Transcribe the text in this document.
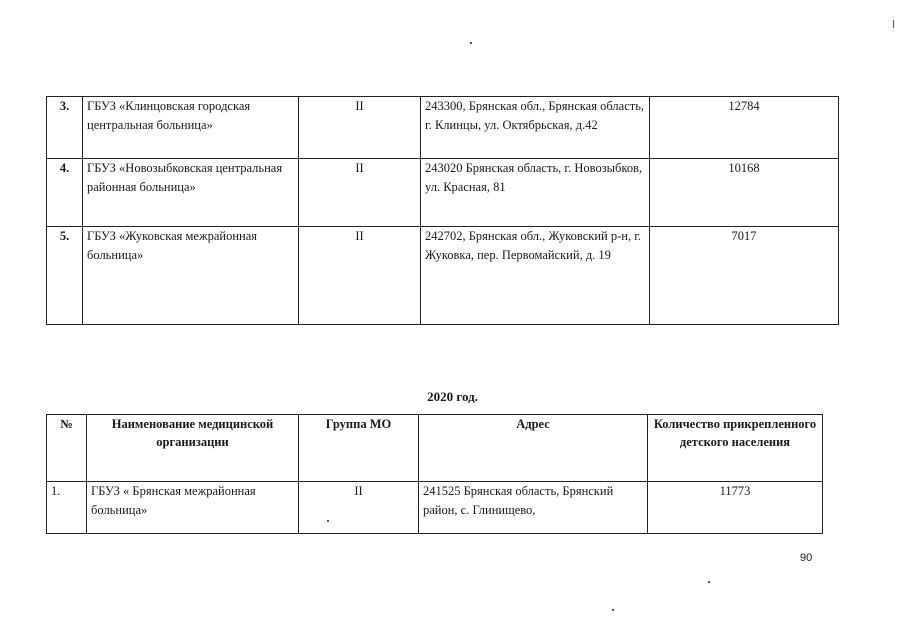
3.	ГБУЗ «Клинцовская городская центральная больница»	II	243300, Брянская обл., Брянская область, г. Клинцы, ул. Октябрьская, д.42	12784
4.	ГБУЗ «Новозыбковская центральная районная больница»	II	243020 Брянская область, г. Новозыбков, ул. Красная, 81	10168
5.	ГБУЗ «Жуковская межрайонная больница»	II	242702, Брянская обл., Жуковский р-н, г. Жуковка, пер. Первомайский, д. 19	7017
2020 год.
№	Наименование медицинской организации	Группа МО	Адрес	Количество прикрепленного детского населения
1.	ГБУЗ « Брянская межрайонная больница»	II	241525 Брянская область, Брянский район, с. Глинищево,	11773
90
